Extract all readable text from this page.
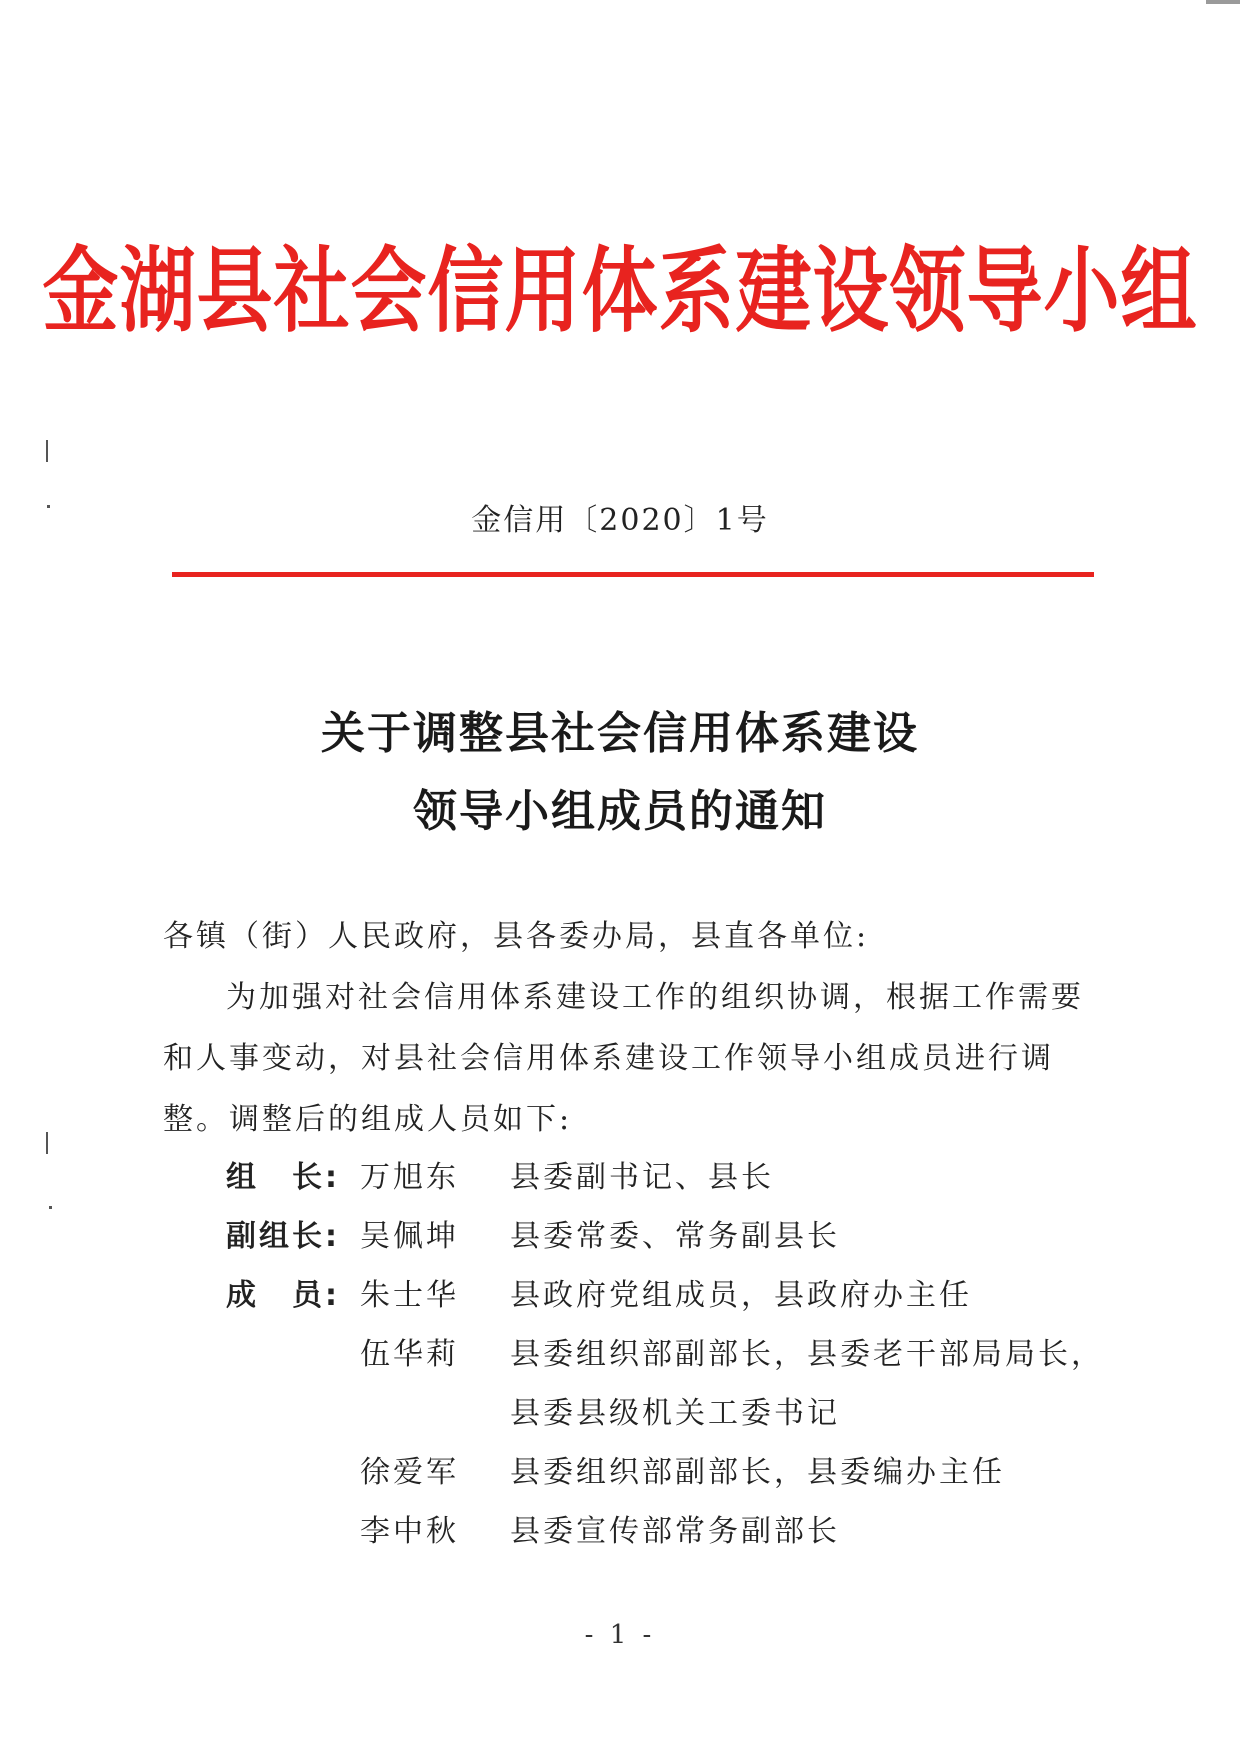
金湖县社会信用体系建设领导小组
金信用〔2020〕1号
关于调整县社会信用体系建设
领导小组成员的通知
各镇（街）人民政府，县各委办局，县直各单位:
为加强对社会信用体系建设工作的组织协调，根据工作需要
和人事变动，对县社会信用体系建设工作领导小组成员进行调
整。调整后的组成人员如下:
组　长: 万旭东 县委副书记、县长
副组长: 吴佩坤 县委常委、常务副县长
成　员: 朱士华 县政府党组成员，县政府办主任
伍华莉 县委组织部副部长，县委老干部局局长，
县委县级机关工委书记
徐爱军 县委组织部副部长，县委编办主任
李中秋 县委宣传部常务副部长
- 1 -
